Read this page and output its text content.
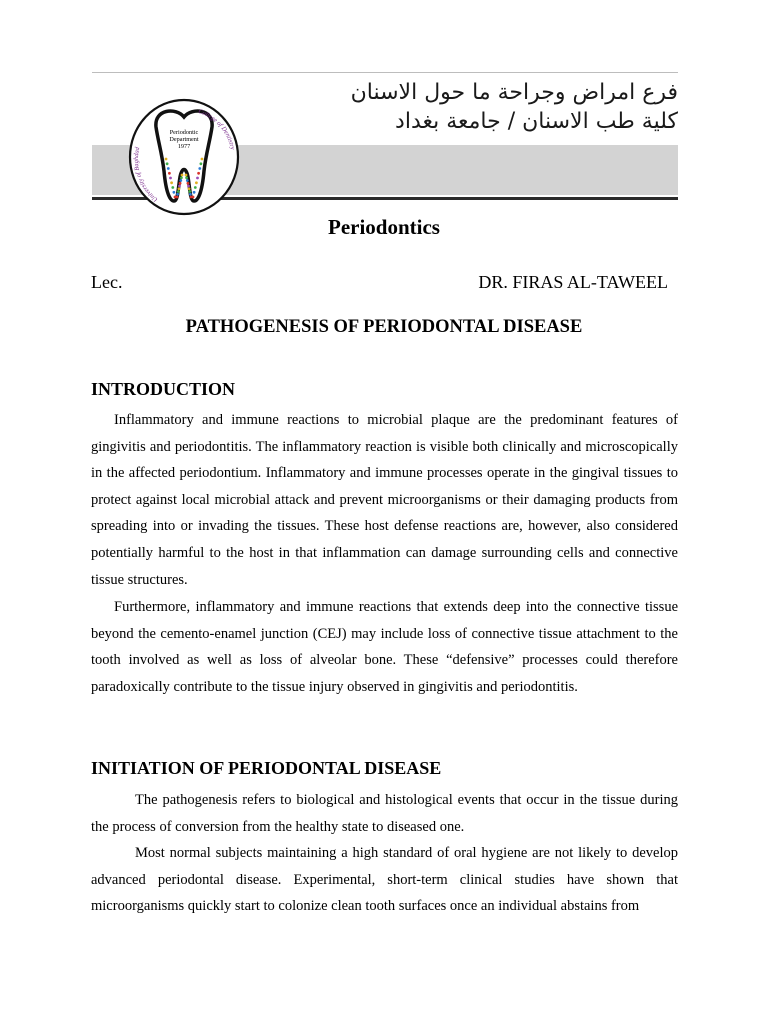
فرع امراض وجراحة ما حول الاسنان
كلية طب الاسنان / جامعة بغداد
Periodontic
Department
1977
University of Baghdad
College of Dentistry
Periodontics
Lec.	DR. FIRAS AL-TAWEEL
PATHOGENESIS OF PERIODONTAL DISEASE
INTRODUCTION

Inflammatory and immune reactions to microbial plaque are the predominant features of gingivitis and periodontitis. The inflammatory reaction is visible both clinically and microscopically in the affected periodontium. Inflammatory and immune processes operate in the gingival tissues to protect against local microbial attack and prevent microorganisms or their damaging products from spreading into or invading the tissues. These host defense reactions are, however, also considered potentially harmful to the host in that inflammation can damage surrounding cells and connective tissue structures.

Furthermore, inflammatory and immune reactions that extends deep into the connective tissue beyond the cemento-enamel junction (CEJ) may include loss of connective tissue attachment to the tooth involved as well as loss of alveolar bone. These “defensive” processes could therefore paradoxically contribute to the tissue injury observed in gingivitis and periodontitis.

INITIATION OF PERIODONTAL DISEASE

The pathogenesis refers to biological and histological events that occur in the tissue during the process of conversion from the healthy state to diseased one.

Most normal subjects maintaining a high standard of oral hygiene are not likely to develop advanced periodontal disease. Experimental, short-term clinical studies have shown that microorganisms quickly start to colonize clean tooth surfaces once an individual abstains from
